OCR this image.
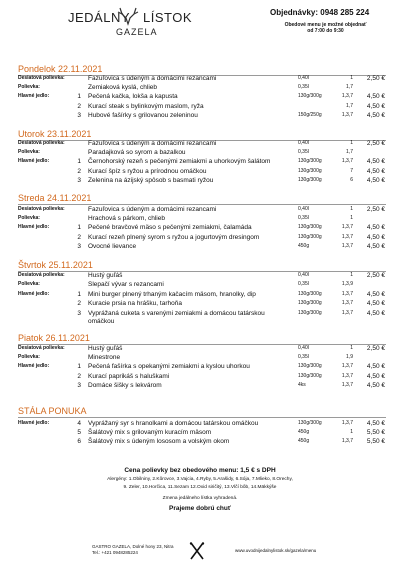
JEDÁLNY LÍSTOK
GAZELA
Objednávky: 0948 285 224
Obedové menu je možné objednať
od 7:00 do 9:30
Pondelok 22.11.2021
Desiatová polievka:	Fazuľovica s údeným a domácimi rezancami	0,40l	1	2,50 €
Polievka:	Zemiaková kyslá, chlieb	0,35l	1,7
Hlavné jedlo:	1 Pečená kačka, lokša a kapusta	130g/300g	1,3,7	4,50 €
2 Kurací steak s bylinkovým maslom, ryža	1,7	4,50 €
3 Hubové fašírky s grilovanou zeleninou	150g/250g	1,3,7	4,50 €
Utorok 23.11.2021
Desiatová polievka:	Fazuľovica s údeným a domácimi rezancami	0,40l	1	2,50 €
Polievka:	Paradajková so syrom a bazalkou	0,35l	1,7
Hlavné jedlo:	1 Černohorský rezeň s pečenými zemiakmi a uhorkovým šalátom	130g/300g	1,3,7	4,50 €
2 Kurací špíz s ryžou a prírodnou omáčkou	130g/300g	7	4,50 €
3 Zelenina na ázijský spôsob s basmati ryžou	130g/300g	6	4,50 €
Streda 24.11.2021
Desiatová polievka:	Fazuľovica s údeným a domácimi rezancami	0,40l	1	2,50 €
Polievka:	Hrachová s párkom, chlieb	0,35l	1
Hlavné jedlo:	1 Pečené bravčové mäso s pečenými zemiakmi, čalamáda	130g/300g	1,3,7	4,50 €
2 Kurací rezeň plnený syrom s ryžou a jogurtovým dresingom	130g/300g	1,3,7	4,50 €
3 Ovocné lievance	450g	1,3,7	4,50 €
Štvrtok 25.11.2021
Desiatová polievka:	Hustý guľáš	0,40l	1	2,50 €
Polievka:	Slepačí vývar s rezancami	0,35l	1,3,9
Hlavné jedlo:	1 Mini burger plnený trhaným kačacím mäsom, hranolky, dip	130g/300g	1,3,7	4,50 €
2 Kuracie prsia na hrášku, tarhoňa	130g/300g	1,3,7	4,50 €
3 Vyprážaná cuketa s varenými zemiakmi a domácou tatárskou	130g/300g	1,3,7	4,50 €
omáčkou
Piatok 26.11.2021
Desiatová polievka:	Hustý guľáš	0,40l	1	2,50 €
Polievka:	Minestrone	0,35l	1,9
Hlavné jedlo:	1 Pečená fašírka s opekanými zemiakmi a kyslou uhorkou	130g/300g	1,3,7	4,50 €
2 Kurací paprikáš s haluškami	130g/300g	1,3,7	4,50 €
3 Domáce šišky s lekvárom	4ks	1,3,7	4,50 €
STÁLA PONUKA
Hlavné jedlo:	4 Vyprážaný syr s hranolkami a domácou tatárskou omáčkou	130g/300g	1,3,7	4,50 €
5 Šalátový mix s grilovaným kuracím mäsom	450g	1	5,50 €
6 Šalátový mix s údeným lososom a volským okom	450g	1,3,7	5,50 €
Cena polievky bez obedového menu: 1,5 € s DPH
Alergény: 1.Obilniny, 2.Kôrovce, 3.Vajcia, 4.Ryby, 5.Arašidy, 6.Sója, 7.Mlieko, 8.Orechy,
9. Zeler, 10.Horčica, 11.Sezam 12.Oxid siričitý, 13.Vlčí bôb, 14.Mäkkýše
Zmena jedálneho lístka vyhradená.
Prajeme dobrú chuť
GASTRO GAZELA, Dolné hony 23, Nitra
Tel.: +421 0948285224	www.uvodnijedalnylistok.sk/gazela/menu
